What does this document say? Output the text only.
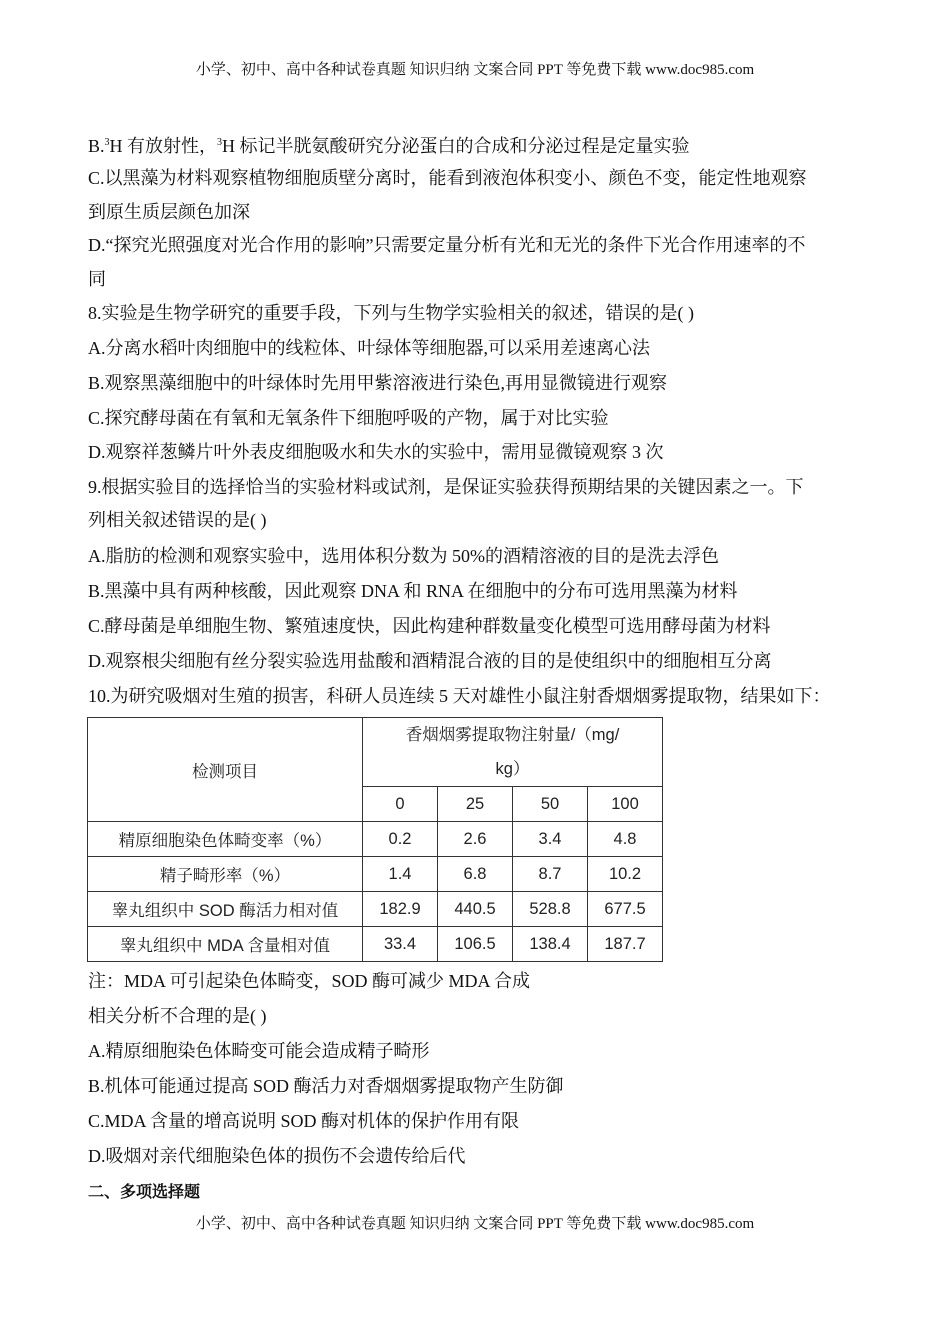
小学、初中、高中各种试卷真题 知识归纳 文案合同 PPT 等免费下载 www.doc985.com
B.$^3$H 有放射性，$^3$H 标记半胱氨酸研究分泌蛋白的合成和分泌过程是定量实验
C.以黑藻为材料观察植物细胞质壁分离时，能看到液泡体积变小、颜色不变，能定性地观察
到原生质层颜色加深
D.“探究光照强度对光合作用的影响”只需要定量分析有光和无光的条件下光合作用速率的不
同
8.实验是生物学研究的重要手段，下列与生物学实验相关的叙述，错误的是( )
A.分离水稻叶肉细胞中的线粒体、叶绿体等细胞器,可以采用差速离心法
B.观察黑藻细胞中的叶绿体时先用甲紫溶液进行染色,再用显微镜进行观察
C.探究酵母菌在有氧和无氧条件下细胞呼吸的产物，属于对比实验
D.观察祥葱鳞片叶外表皮细胞吸水和失水的实验中，需用显微镜观察 3 次
9.根据实验目的选择恰当的实验材料或试剂，是保证实验获得预期结果的关键因素之一。下
列相关叙述错误的是( )
A.脂肪的检测和观察实验中，选用体积分数为 50%的酒精溶液的目的是洗去浮色
B.黑藻中具有两种核酸，因此观察 DNA 和 RNA 在细胞中的分布可选用黑藻为材料
C.酵母菌是单细胞生物、繁殖速度快，因此构建种群数量变化模型可选用酵母菌为材料
D.观察根尖细胞有丝分裂实验选用盐酸和酒精混合液的目的是使组织中的细胞相互分离
10.为研究吸烟对生殖的损害，科研人员连续 5 天对雄性小鼠注射香烟烟雾提取物，结果如下：
检测项目	香烟烟雾提取物注射量/（mg/
kg）			
	0	25	50	100
精原细胞染色体畸变率（%）	0.2	2.6	3.4	4.8
精子畸形率（%）	1.4	6.8	8.7	10.2
睾丸组织中 SOD 酶活力相对值	182.9	440.5	528.8	677.5
睾丸组织中 MDA 含量相对值	33.4	106.5	138.4	187.7
注：MDA 可引起染色体畸变，SOD 酶可减少 MDA 合成
相关分析不合理的是( )
A.精原细胞染色体畸变可能会造成精子畸形
B.机体可能通过提高 SOD 酶活力对香烟烟雾提取物产生防御
C.MDA 含量的增高说明 SOD 酶对机体的保护作用有限
D.吸烟对亲代细胞染色体的损伤不会遗传给后代
二、多项选择题
小学、初中、高中各种试卷真题 知识归纳 文案合同 PPT 等免费下载 www.doc985.com
